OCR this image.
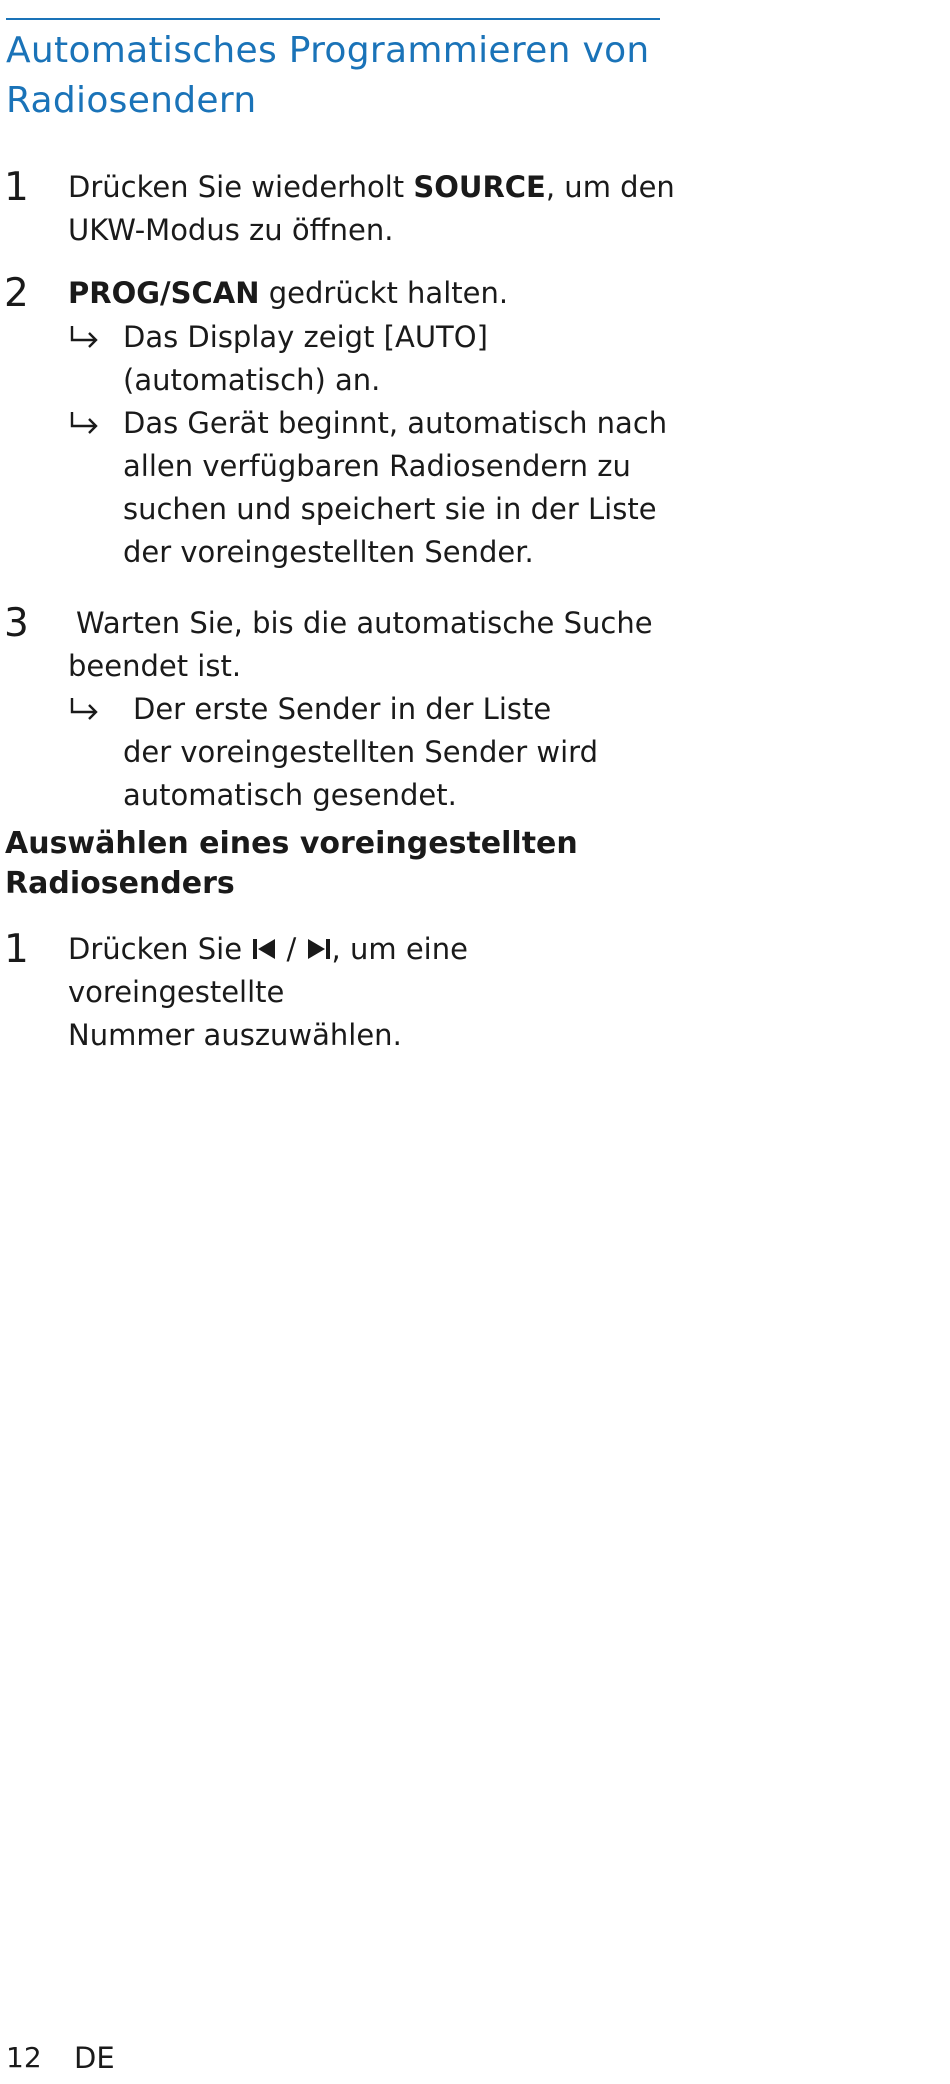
Automatisches Programmieren von
Radiosendern
1 Drücken Sie wiederholt SOURCE, um den
UKW-Modus zu öffnen.
2 PROG/SCAN gedrückt halten.
Das Display zeigt [AUTO]
(automatisch) an.
Das Gerät beginnt, automatisch nach
allen verfügbaren Radiosendern zu
suchen und speichert sie in der Liste
der voreingestellten Sender.
3 Warten Sie, bis die automatische Suche
beendet ist.
Der erste Sender in der Liste
der voreingestellten Sender wird
automatisch gesendet.
Auswählen eines voreingestellten
Radiosenders
1 Drücken Sie  / , um eine voreingestellte
Nummer auszuwählen.
12 DE
